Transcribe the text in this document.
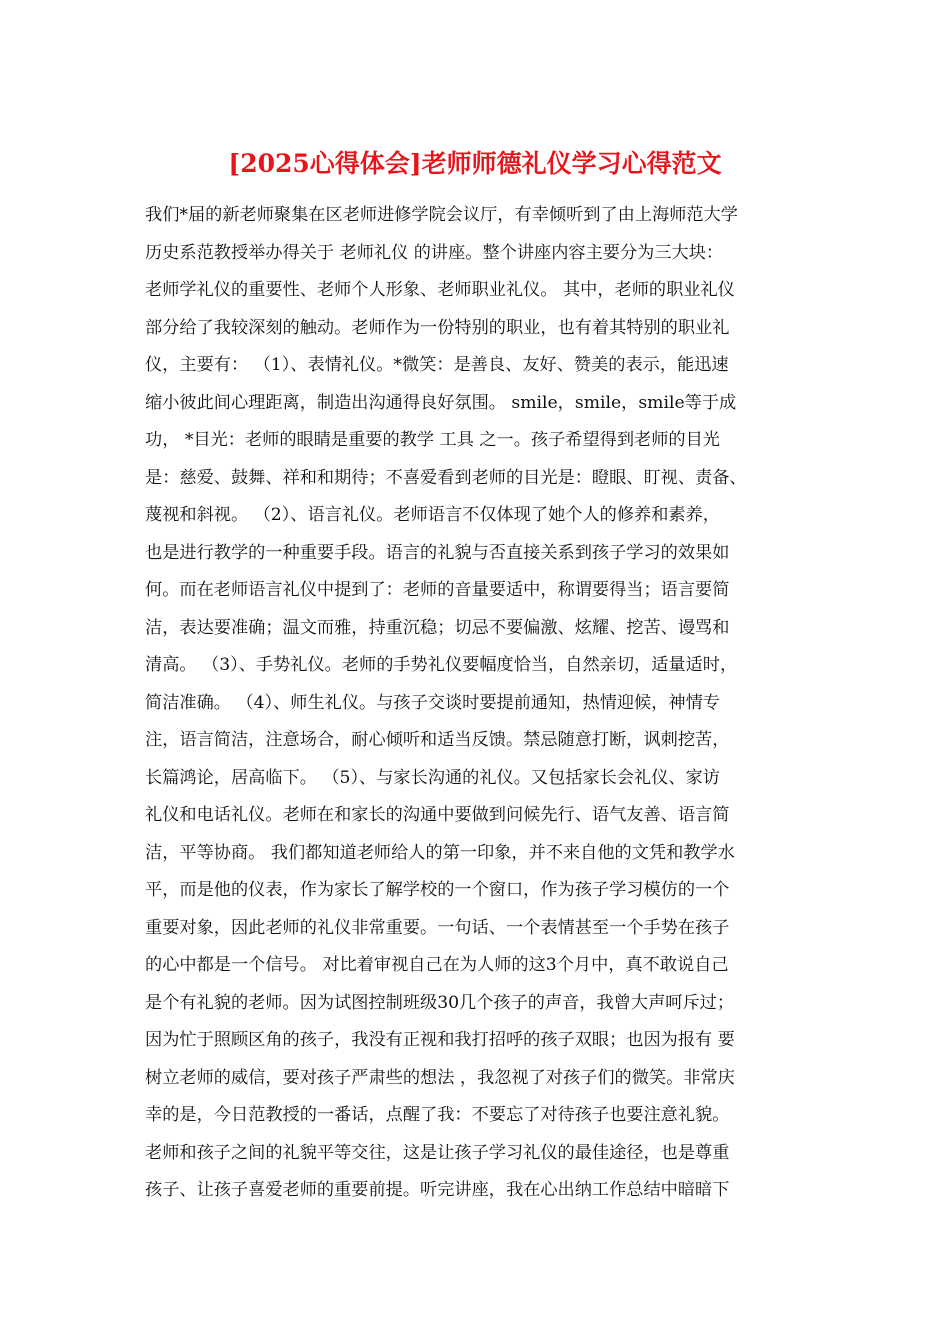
[2025心得体会]老师师德礼仪学习心得范文
我们*届的新老师聚集在区老师进修学院会议厅，有幸倾听到了由上海师范大学
历史系范教授举办得关于 老师礼仪 的讲座。整个讲座内容主要分为三大块：
老师学礼仪的重要性、老师个人形象、老师职业礼仪。 其中，老师的职业礼仪
部分给了我较深刻的触动。老师作为一份特别的职业，也有着其特别的职业礼
仪，主要有： （1）、表情礼仪。*微笑：是善良、友好、赞美的表示，能迅速
缩小彼此间心理距离，制造出沟通得良好氛围。 smile，smile，smile等于成
功， *目光：老师的眼睛是重要的教学 工具 之一。孩子希望得到老师的目光
是：慈爱、鼓舞、祥和和期待；不喜爱看到老师的目光是：瞪眼、盯视、责备、
蔑视和斜视。 （2）、语言礼仪。老师语言不仅体现了她个人的修养和素养，
也是进行教学的一种重要手段。语言的礼貌与否直接关系到孩子学习的效果如
何。而在老师语言礼仪中提到了：老师的音量要适中，称谓要得当；语言要简
洁，表达要准确；温文而雅，持重沉稳；切忌不要偏激、炫耀、挖苦、谩骂和
清高。 （3）、手势礼仪。老师的手势礼仪要幅度恰当，自然亲切，适量适时，
简洁准确。 （4）、师生礼仪。与孩子交谈时要提前通知，热情迎候，神情专
注，语言简洁，注意场合，耐心倾听和适当反馈。禁忌随意打断，讽刺挖苦，
长篇鸿论，居高临下。 （5）、与家长沟通的礼仪。又包括家长会礼仪、家访
礼仪和电话礼仪。老师在和家长的沟通中要做到问候先行、语气友善、语言简
洁，平等协商。 我们都知道老师给人的第一印象，并不来自他的文凭和教学水
平，而是他的仪表，作为家长了解学校的一个窗口，作为孩子学习模仿的一个
重要对象，因此老师的礼仪非常重要。一句话、一个表情甚至一个手势在孩子
的心中都是一个信号。 对比着审视自己在为人师的这3个月中，真不敢说自己
是个有礼貌的老师。因为试图控制班级30几个孩子的声音，我曾大声呵斥过；
因为忙于照顾区角的孩子，我没有正视和我打招呼的孩子双眼；也因为报有 要
树立老师的威信，要对孩子严肃些的想法 ，我忽视了对孩子们的微笑。非常庆
幸的是，今日范教授的一番话，点醒了我：不要忘了对待孩子也要注意礼貌。
老师和孩子之间的礼貌平等交往，这是让孩子学习礼仪的最佳途径，也是尊重
孩子、让孩子喜爱老师的重要前提。听完讲座，我在心出纳工作总结中暗暗下
